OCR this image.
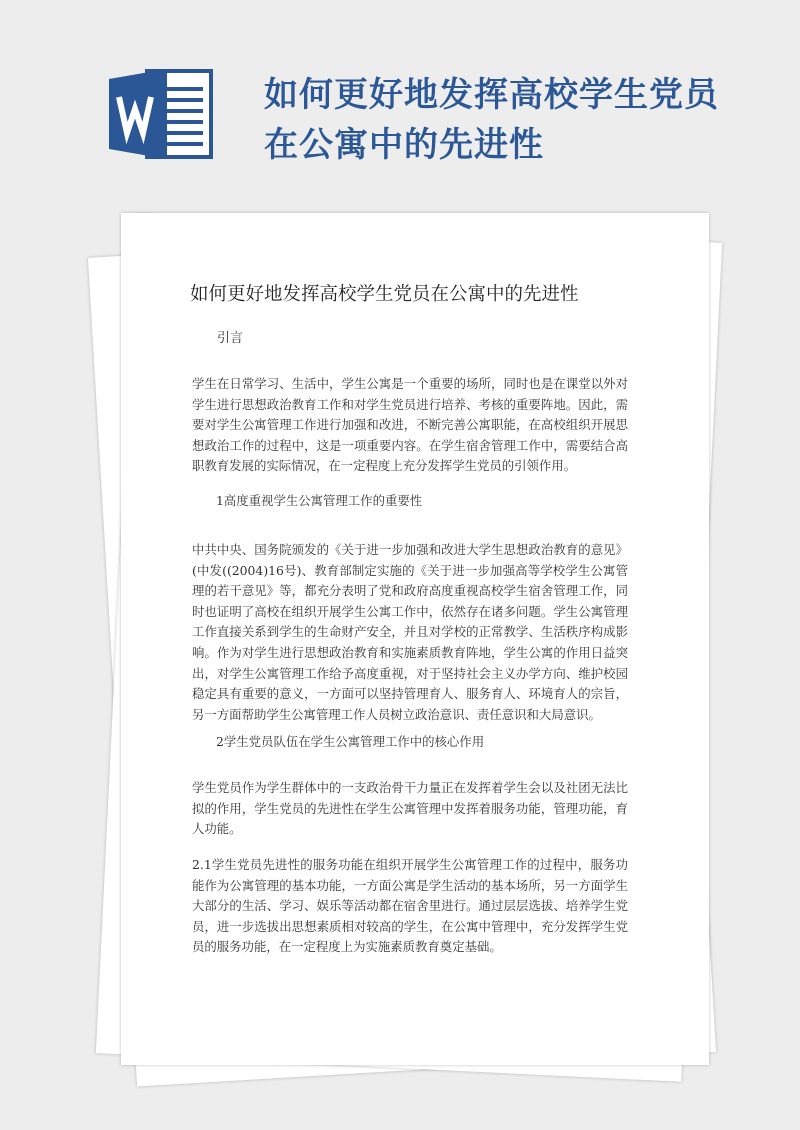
如何更好地发挥高校学生党员
在公寓中的先进性
如何更好地发挥高校学生党员在公寓中的先进性
引言

学生在日常学习、生活中，学生公寓是一个重要的场所，同时也是在课堂以外对学生进行思想政治教育工作和对学生党员进行培养、考核的重要阵地。因此，需要对学生公寓管理工作进行加强和改进，不断完善公寓职能，在高校组织开展思想政治工作的过程中，这是一项重要内容。在学生宿舍管理工作中，需要结合高职教育发展的实际情况，在一定程度上充分发挥学生党员的引领作用。

1高度重视学生公寓管理工作的重要性

中共中央、国务院颁发的《关于进一步加强和改进大学生思想政治教育的意见》(中发((2004)16号)、教育部制定实施的《关于进一步加强高等学校学生公寓管理的若干意见》等，都充分表明了党和政府高度重视高校学生宿舍管理工作，同时也证明了高校在组织开展学生公寓工作中，依然存在诸多问题。学生公寓管理工作直接关系到学生的生命财产安全，并且对学校的正常教学、生活秩序构成影响。作为对学生进行思想政治教育和实施素质教育阵地，学生公寓的作用日益突出，对学生公寓管理工作给予高度重视，对于坚持社会主义办学方向、维护校园稳定具有重要的意义，一方面可以坚持管理育人、服务育人、环境育人的宗旨，另一方面帮助学生公寓管理工作人员树立政治意识、责任意识和大局意识。

2学生党员队伍在学生公寓管理工作中的核心作用

学生党员作为学生群体中的一支政治骨干力量正在发挥着学生会以及社团无法比拟的作用，学生党员的先进性在学生公寓管理中发挥着服务功能，管理功能，育人功能。

2.1学生党员先进性的服务功能在组织开展学生公寓管理工作的过程中，服务功能作为公寓管理的基本功能，一方面公寓是学生活动的基本场所，另一方面学生大部分的生活、学习、娱乐等活动都在宿舍里进行。通过层层选拔、培养学生党员，进一步选拔出思想素质相对较高的学生，在公寓中管理中，充分发挥学生党员的服务功能，在一定程度上为实施素质教育奠定基础。
